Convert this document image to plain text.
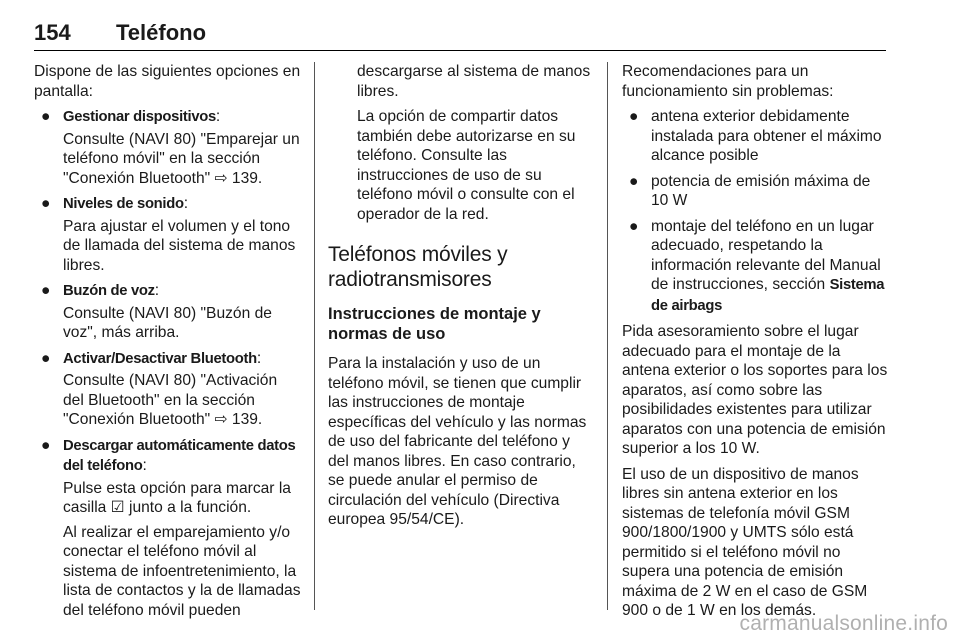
154 Teléfono

Dispone de las siguientes opciones en pantalla:

● Gestionar dispositivos:
Consulte (NAVI 80) "Emparejar un teléfono móvil" en la sección "Conexión Bluetooth" ⇨ 139.
● Niveles de sonido:
Para ajustar el volumen y el tono de llamada del sistema de manos libres.
● Buzón de voz:
Consulte (NAVI 80) "Buzón de voz", más arriba.
● Activar/Desactivar Bluetooth:
Consulte (NAVI 80) "Activación del Bluetooth" en la sección "Conexión Bluetooth" ⇨ 139.
● Descargar automáticamente datos del teléfono:
Pulse esta opción para marcar la casilla ☑ junto a la función.
Al realizar el emparejamiento y/o conectar el teléfono móvil al sistema de infoentretenimiento, la lista de contactos y la de llamadas del teléfono móvil pueden

descargarse al sistema de manos libres.

La opción de compartir datos también debe autorizarse en su teléfono. Consulte las instrucciones de uso de su teléfono móvil o consulte con el operador de la red.

Teléfonos móviles y radiotransmisores
Instrucciones de montaje y normas de uso

Para la instalación y uso de un teléfono móvil, se tienen que cumplir las instrucciones de montaje específicas del vehículo y las normas de uso del fabricante del teléfono y del manos libres. En caso contrario, se puede anular el permiso de circulación del vehículo (Directiva europea 95/54/CE).

Recomendaciones para un funcionamiento sin problemas:

● antena exterior debidamente instalada para obtener el máximo alcance posible
● potencia de emisión máxima de 10 W
● montaje del teléfono en un lugar adecuado, respetando la información relevante del Manual de instrucciones, sección Sistema de airbags

Pida asesoramiento sobre el lugar adecuado para el montaje de la antena exterior o los soportes para los aparatos, así como sobre las posibilidades existentes para utilizar aparatos con una potencia de emisión superior a los 10 W.

El uso de un dispositivo de manos libres sin antena exterior en los sistemas de telefonía móvil GSM 900/1800/1900 y UMTS sólo está permitido si el teléfono móvil no supera una potencia de emisión máxima de 2 W en el caso de GSM 900 o de 1 W en los demás.

carmanualsonline.info
